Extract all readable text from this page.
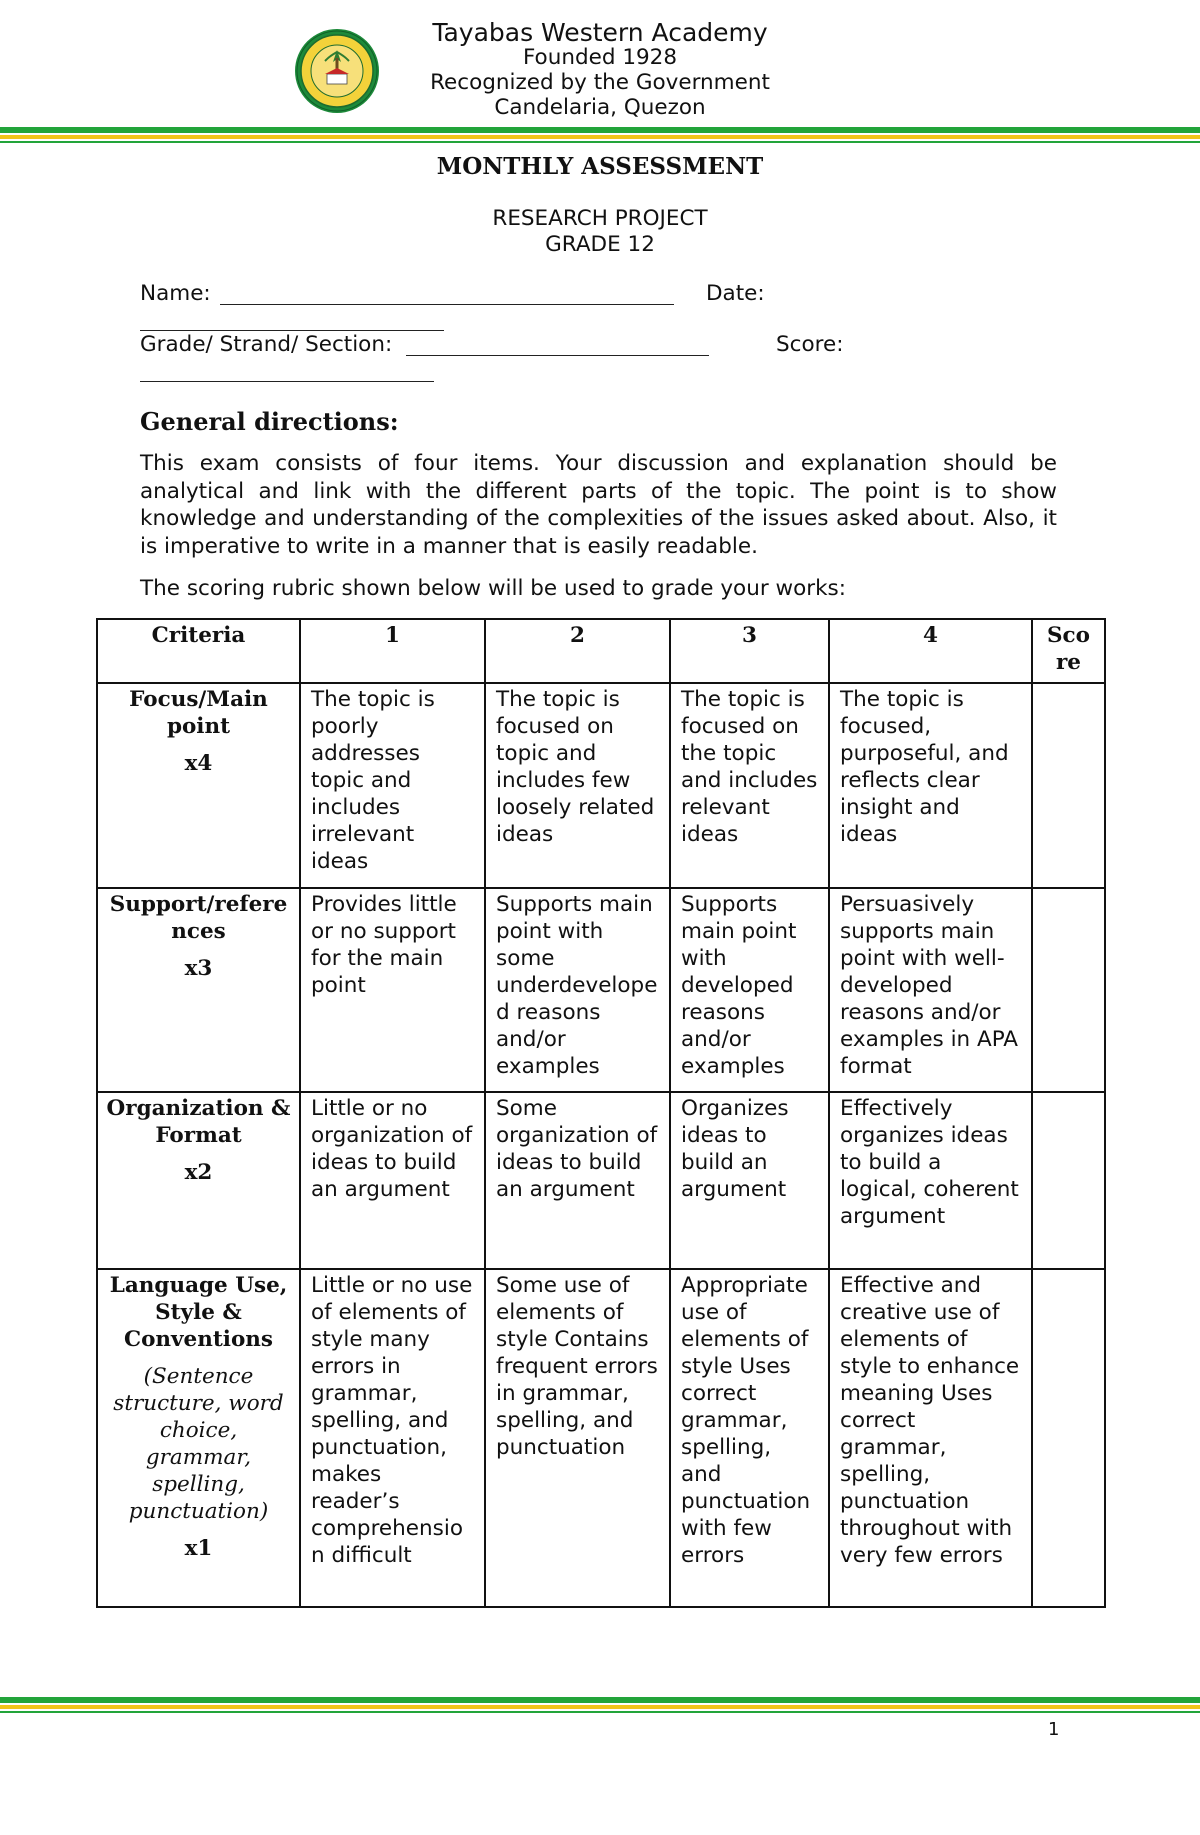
Tayabas Western Academy
Founded 1928
Recognized by the Government
Candelaria, Quezon
MONTHLY ASSESSMENT
RESEARCH PROJECT
GRADE 12
Name:	Date:
Grade/ Strand/ Section:	Score:
General directions:
This exam consists of four items. Your discussion and explanation should be analytical and link with the different parts of the topic. The point is to show knowledge and understanding of the complexities of the issues asked about. Also, it is imperative to write in a manner that is easily readable.
The scoring rubric shown below will be used to grade your works:
Criteria	1	2	3	4	Sco
re
Focus/Main point
x4	The topic is poorly addresses topic and includes irrelevant ideas	The topic is focused on topic and includes few loosely related ideas	The topic is focused on the topic and includes relevant ideas	The topic is focused, purposeful, and reflects clear insight and ideas	
Support/references
x3	Provides little or no support for the main point	Supports main point with some underdeveloped reasons and/or examples	Supports main point with developed reasons and/or examples	Persuasively supports main point with well-developed reasons and/or examples in APA format	
Organization & Format
x2	Little or no organization of ideas to build an argument	Some organization of ideas to build an argument	Organizes ideas to build an argument	Effectively organizes ideas to build a logical, coherent argument	
Language Use, Style & Conventions
(Sentence structure, word choice, grammar, spelling, punctuation)
x1	Little or no use of elements of style many errors in grammar, spelling, and punctuation, makes reader’s comprehension difficult	Some use of elements of style Contains frequent errors in grammar, spelling, and punctuation	Appropriate use of elements of style Uses correct grammar, spelling, and punctuation with few errors	Effective and creative use of elements of style to enhance meaning Uses correct grammar, spelling, punctuation throughout with very few errors	
1
